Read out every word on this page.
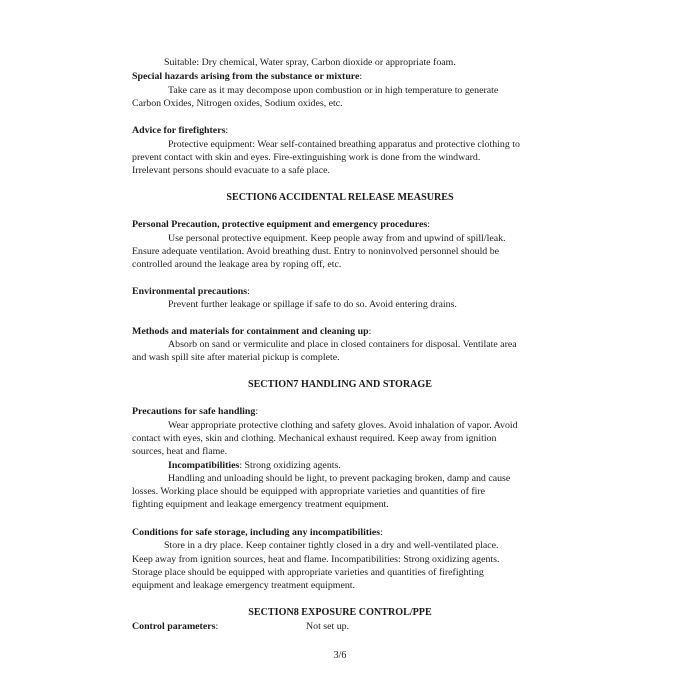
Suitable: Dry chemical, Water spray, Carbon dioxide or appropriate foam.
Special hazards arising from the substance or mixture:
Take care as it may decompose upon combustion or in high temperature to generate
Carbon Oxides, Nitrogen oxides, Sodium oxides, etc.
Advice for firefighters:
Protective equipment: Wear self-contained breathing apparatus and protective clothing to
prevent contact with skin and eyes. Fire-extinguishing work is done from the windward.
Irrelevant persons should evacuate to a safe place.
SECTION6 ACCIDENTAL RELEASE MEASURES
Personal Precaution, protective equipment and emergency procedures:
Use personal protective equipment. Keep people away from and upwind of spill/leak.
Ensure adequate ventilation. Avoid breathing dust. Entry to noninvolved personnel should be
controlled around the leakage area by roping off, etc.
Environmental precautions:
Prevent further leakage or spillage if safe to do so. Avoid entering drains.
Methods and materials for containment and cleaning up:
Absorb on sand or vermiculite and place in closed containers for disposal. Ventilate area
and wash spill site after material pickup is complete.
SECTION7 HANDLING AND STORAGE
Precautions for safe handling:
Wear appropriate protective clothing and safety gloves. Avoid inhalation of vapor. Avoid
contact with eyes, skin and clothing. Mechanical exhaust required. Keep away from ignition
sources, heat and flame.
Incompatibilities: Strong oxidizing agents.
Handling and unloading should be light, to prevent packaging broken, damp and cause
losses. Working place should be equipped with appropriate varieties and quantities of fire
fighting equipment and leakage emergency treatment equipment.
Conditions for safe storage, including any incompatibilities:
Store in a dry place. Keep container tightly closed in a dry and well-ventilated place.
Keep away from ignition sources, heat and flame. Incompatibilities: Strong oxidizing agents.
Storage place should be equipped with appropriate varieties and quantities of firefighting
equipment and leakage emergency treatment equipment.
SECTION8 EXPOSURE CONTROL/PPE
Control parameters:	Not set up.
3/6
